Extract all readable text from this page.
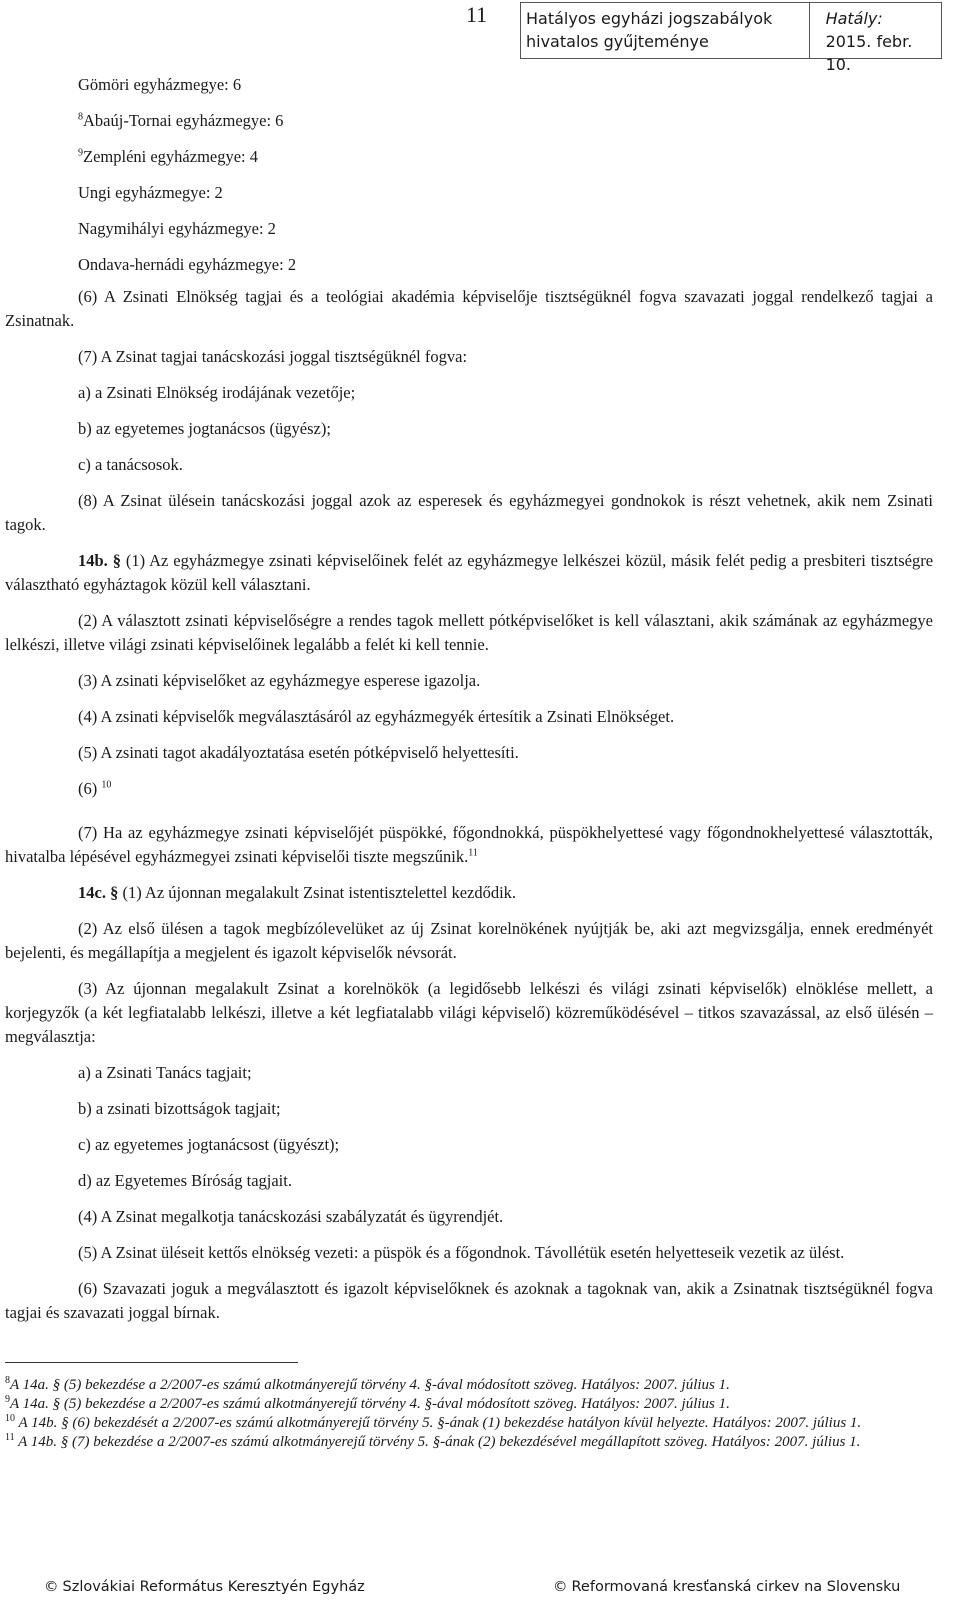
11 Hatályos egyházi jogszabályok
hivatalos gyűjteménye
Hatály:
2015. febr. 10.

Gömöri egyházmegye: 6

$^8$Abaúj-Tornai egyházmegye: 6

$^9$Zempléni egyházmegye: 4

Ungi egyházmegye: 2

Nagymihályi egyházmegye: 2

Ondava-hernádi egyházmegye: 2

(6) A Zsinati Elnökség tagjai és a teológiai akadémia képviselője tisztségüknél fogva szavazati joggal rendelkező tagjai a Zsinatnak.

(7) A Zsinat tagjai tanácskozási joggal tisztségüknél fogva:

a) a Zsinati Elnökség irodájának vezetője;

b) az egyetemes jogtanácsos (ügyész);

c) a tanácsosok.

(8) A Zsinat ülésein tanácskozási joggal azok az esperesek és egyházmegyei gondnokok is részt vehetnek, akik nem Zsinati tagok.

14b. § (1) Az egyházmegye zsinati képviselőinek felét az egyházmegye lelkészei közül, másik felét pedig a presbiteri tisztségre választható egyháztagok közül kell választani.

(2) A választott zsinati képviselőségre a rendes tagok mellett pótképviselőket is kell választani, akik számának az egyházmegye lelkészi, illetve világi zsinati képviselőinek legalább a felét ki kell tennie.

(3) A zsinati képviselőket az egyházmegye esperese igazolja.

(4) A zsinati képviselők megválasztásáról az egyházmegyék értesítik a Zsinati Elnökséget.

(5) A zsinati tagot akadályoztatása esetén pótképviselő helyettesíti.

(6) $^{10}$

(7) Ha az egyházmegye zsinati képviselőjét püspökké, főgondnokká, püspökhelyettesé vagy főgondnokhelyettesé választották, hivatalba lépésével egyházmegyei zsinati képviselői tiszte megszűnik.$^{11}$

14c. § (1) Az újonnan megalakult Zsinat istentisztelettel kezdődik.

(2) Az első ülésen a tagok megbízólevelüket az új Zsinat korelnökének nyújtják be, aki azt megvizsgálja, ennek eredményét bejelenti, és megállapítja a megjelent és igazolt képviselők névsorát.

(3) Az újonnan megalakult Zsinat a korelnökök (a legidősebb lelkészi és világi zsinati képviselők) elnöklése mellett, a korjegyzők (a két legfiatalabb lelkészi, illetve a két legfiatalabb világi képviselő) közreműködésével – titkos szavazással, az első ülésén – megválasztja:

a) a Zsinati Tanács tagjait;

b) a zsinati bizottságok tagjait;

c) az egyetemes jogtanácsost (ügyészt);

d) az Egyetemes Bíróság tagjait.

(4) A Zsinat megalkotja tanácskozási szabályzatát és ügyrendjét.

(5) A Zsinat üléseit kettős elnökség vezeti: a püspök és a főgondnok. Távollétük esetén helyetteseik vezetik az ülést.

(6) Szavazati joguk a megválasztott és igazolt képviselőknek és azoknak a tagoknak van, akik a Zsinatnak tisztségüknél fogva tagjai és szavazati joggal bírnak.

$^8$A 14a. § (5) bekezdése a 2/2007-es számú alkotmányerejű törvény 4. §-ával módosított szöveg. Hatályos: 2007. július 1.

$^9$A 14a. § (5) bekezdése a 2/2007-es számú alkotmányerejű törvény 4. §-ával módosított szöveg. Hatályos: 2007. július 1.

$^{10}$ A 14b. § (6) bekezdését a 2/2007-es számú alkotmányerejű törvény 5. §-ának (1) bekezdése hatályon kívül helyezte. Hatályos: 2007. július 1.

$^{11}$ A 14b. § (7) bekezdése a 2/2007-es számú alkotmányerejű törvény 5. §-ának (2) bekezdésével megállapított szöveg. Hatályos: 2007. július 1.

© Szlovákiai Református Keresztyén Egyház	© Reformovaná kresťanská cirkev na Slovensku
